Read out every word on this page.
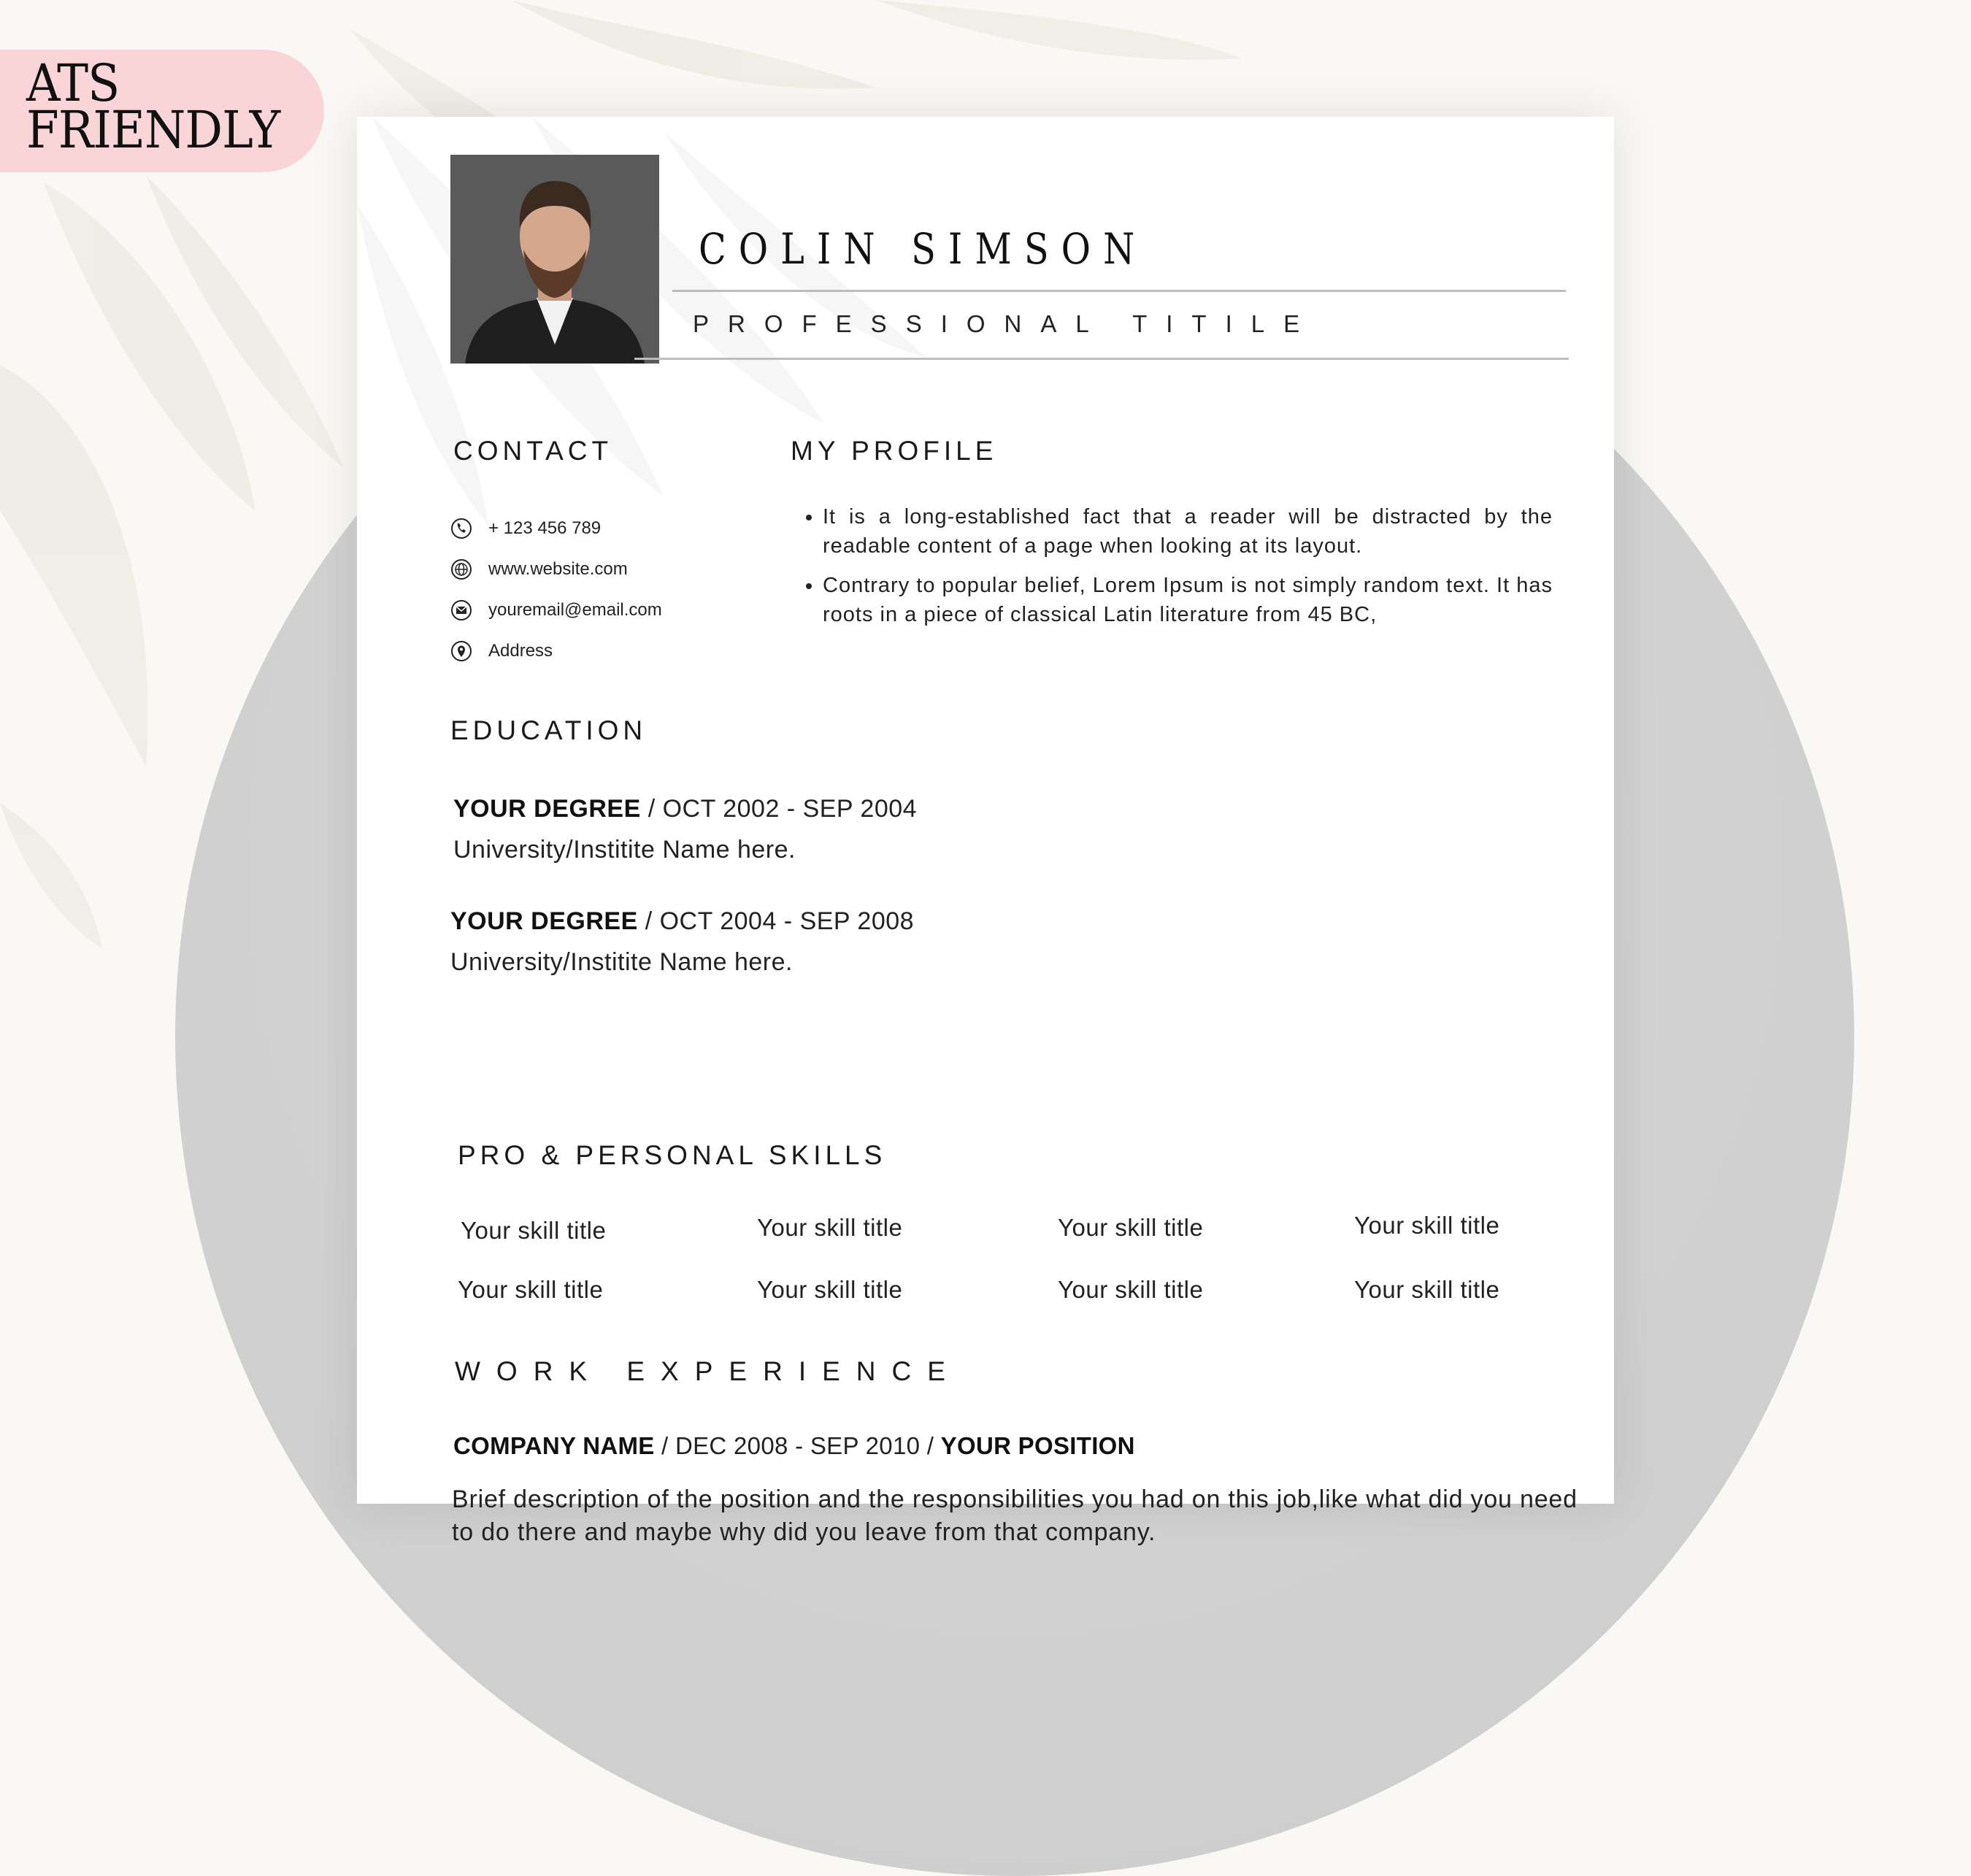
ATS
FRIENDLY
COLIN SIMSON
PROFESSIONAL TITILE
CONTACT
+ 123 456 789
www.website.com
youremail@email.com
Address
MY PROFILE
• It is a long-established fact that a reader will be distracted by the readable content of a page when looking at its layout.
• Contrary to popular belief, Lorem Ipsum is not simply random text. It has roots in a piece of classical Latin literature from 45 BC,
EDUCATION
YOUR DEGREE / OCT 2002 - SEP 2004
University/Institite Name here.
YOUR DEGREE / OCT 2004 - SEP 2008
University/Institite Name here.
PRO & PERSONAL SKILLS
Your skill title	Your skill title	Your skill title	Your skill title
Your skill title	Your skill title	Your skill title	Your skill title
WORK EXPERIENCE
COMPANY NAME / DEC 2008 - SEP 2010 / YOUR POSITION
Brief description of the position and the responsibilities you had on this job,like what did you need to do there and maybe why did you leave from that company.
